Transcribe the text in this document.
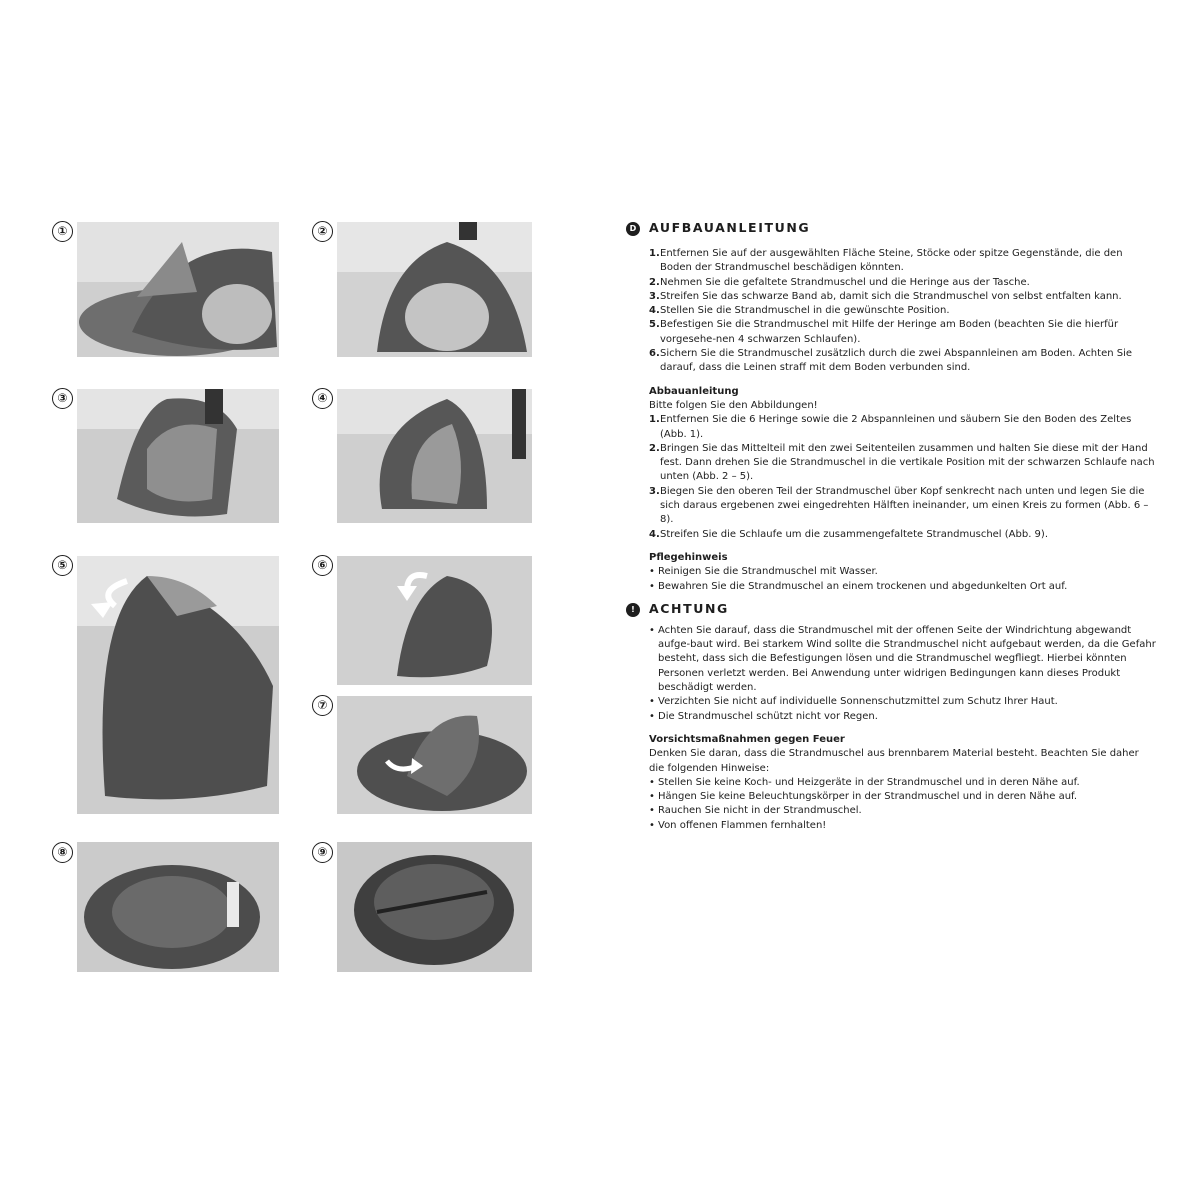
①	②
③	④
⑤	⑥
⑦
⑧	⑨
D AUFBAUANLEITUNG
1. Entfernen Sie auf der ausgewählten Fläche Steine, Stöcke oder spitze Gegenstände, die den Boden der Strandmuschel beschädigen könnten.
2. Nehmen Sie die gefaltete Strandmuschel und die Heringe aus der Tasche.
3. Streifen Sie das schwarze Band ab, damit sich die Strandmuschel von selbst entfalten kann.
4. Stellen Sie die Strandmuschel in die gewünschte Position.
5. Befestigen Sie die Strandmuschel mit Hilfe der Heringe am Boden (beachten Sie die hierfür vorgesehe-nen 4 schwarzen Schlaufen).
6. Sichern Sie die Strandmuschel zusätzlich durch die zwei Abspannleinen am Boden. Achten Sie darauf, dass die Leinen straff mit dem Boden verbunden sind.

Abbauanleitung

Bitte folgen Sie den Abbildungen!

1. Entfernen Sie die 6 Heringe sowie die 2 Abspannleinen und säubern Sie den Boden des Zeltes (Abb. 1).
2. Bringen Sie das Mittelteil mit den zwei Seitenteilen zusammen und halten Sie diese mit der Hand fest. Dann drehen Sie die Strandmuschel in die vertikale Position mit der schwarzen Schlaufe nach unten (Abb. 2 – 5).
3. Biegen Sie den oberen Teil der Strandmuschel über Kopf senkrecht nach unten und legen Sie die sich daraus ergebenen zwei eingedrehten Hälften ineinander, um einen Kreis zu formen (Abb. 6 – 8).
4. Streifen Sie die Schlaufe um die zusammengefaltete Strandmuschel (Abb. 9).

Pflegehinweis

• Reinigen Sie die Strandmuschel mit Wasser.
• Bewahren Sie die Strandmuschel an einem trockenen und abgedunkelten Ort auf.
!	ACHTUNG
• Achten Sie darauf, dass die Strandmuschel mit der offenen Seite der Windrichtung abgewandt aufge-baut wird. Bei starkem Wind sollte die Strandmuschel nicht aufgebaut werden, da die Gefahr besteht, dass sich die Befestigungen lösen und die Strandmuschel wegfliegt. Hierbei könnten Personen verletzt werden. Bei Anwendung unter widrigen Bedingungen kann dieses Produkt beschädigt werden.
• Verzichten Sie nicht auf individuelle Sonnenschutzmittel zum Schutz Ihrer Haut.
• Die Strandmuschel schützt nicht vor Regen.

Vorsichtsmaßnahmen gegen Feuer

Denken Sie daran, dass die Strandmuschel aus brennbarem Material besteht. Beachten Sie daher die folgenden Hinweise:

• Stellen Sie keine Koch- und Heizgeräte in der Strandmuschel und in deren Nähe auf.
• Hängen Sie keine Beleuchtungskörper in der Strandmuschel und in deren Nähe auf.
• Rauchen Sie nicht in der Strandmuschel.
• Von offenen Flammen fernhalten!
